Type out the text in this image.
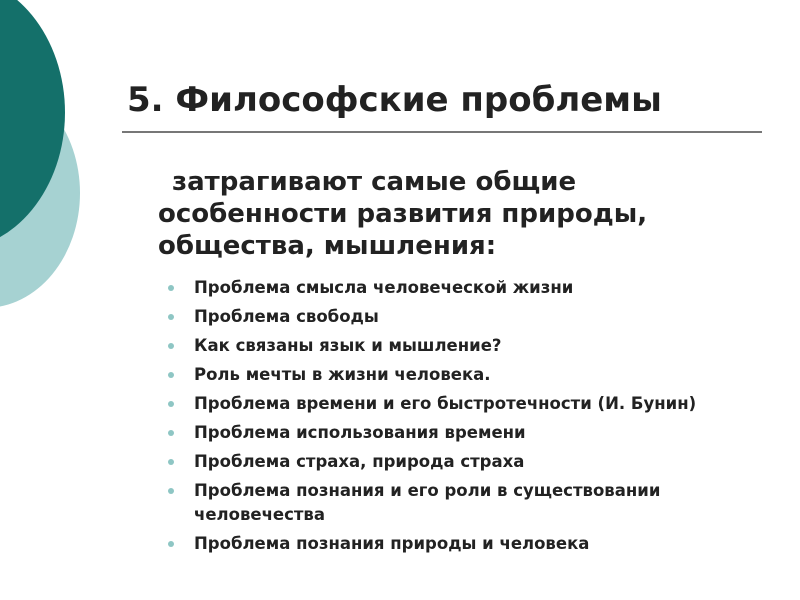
5. Философские проблемы
затрагивают самые общие особенности развития природы, общества, мышления:
Проблема смысла человеческой жизни
Проблема свободы
Как связаны язык и мышление?
Роль мечты в жизни человека.
Проблема времени и его быстротечности (И. Бунин)
Проблема использования времени
Проблема страха, природа страха
Проблема познания и его роли в существовании человечества
Проблема познания природы и человека
